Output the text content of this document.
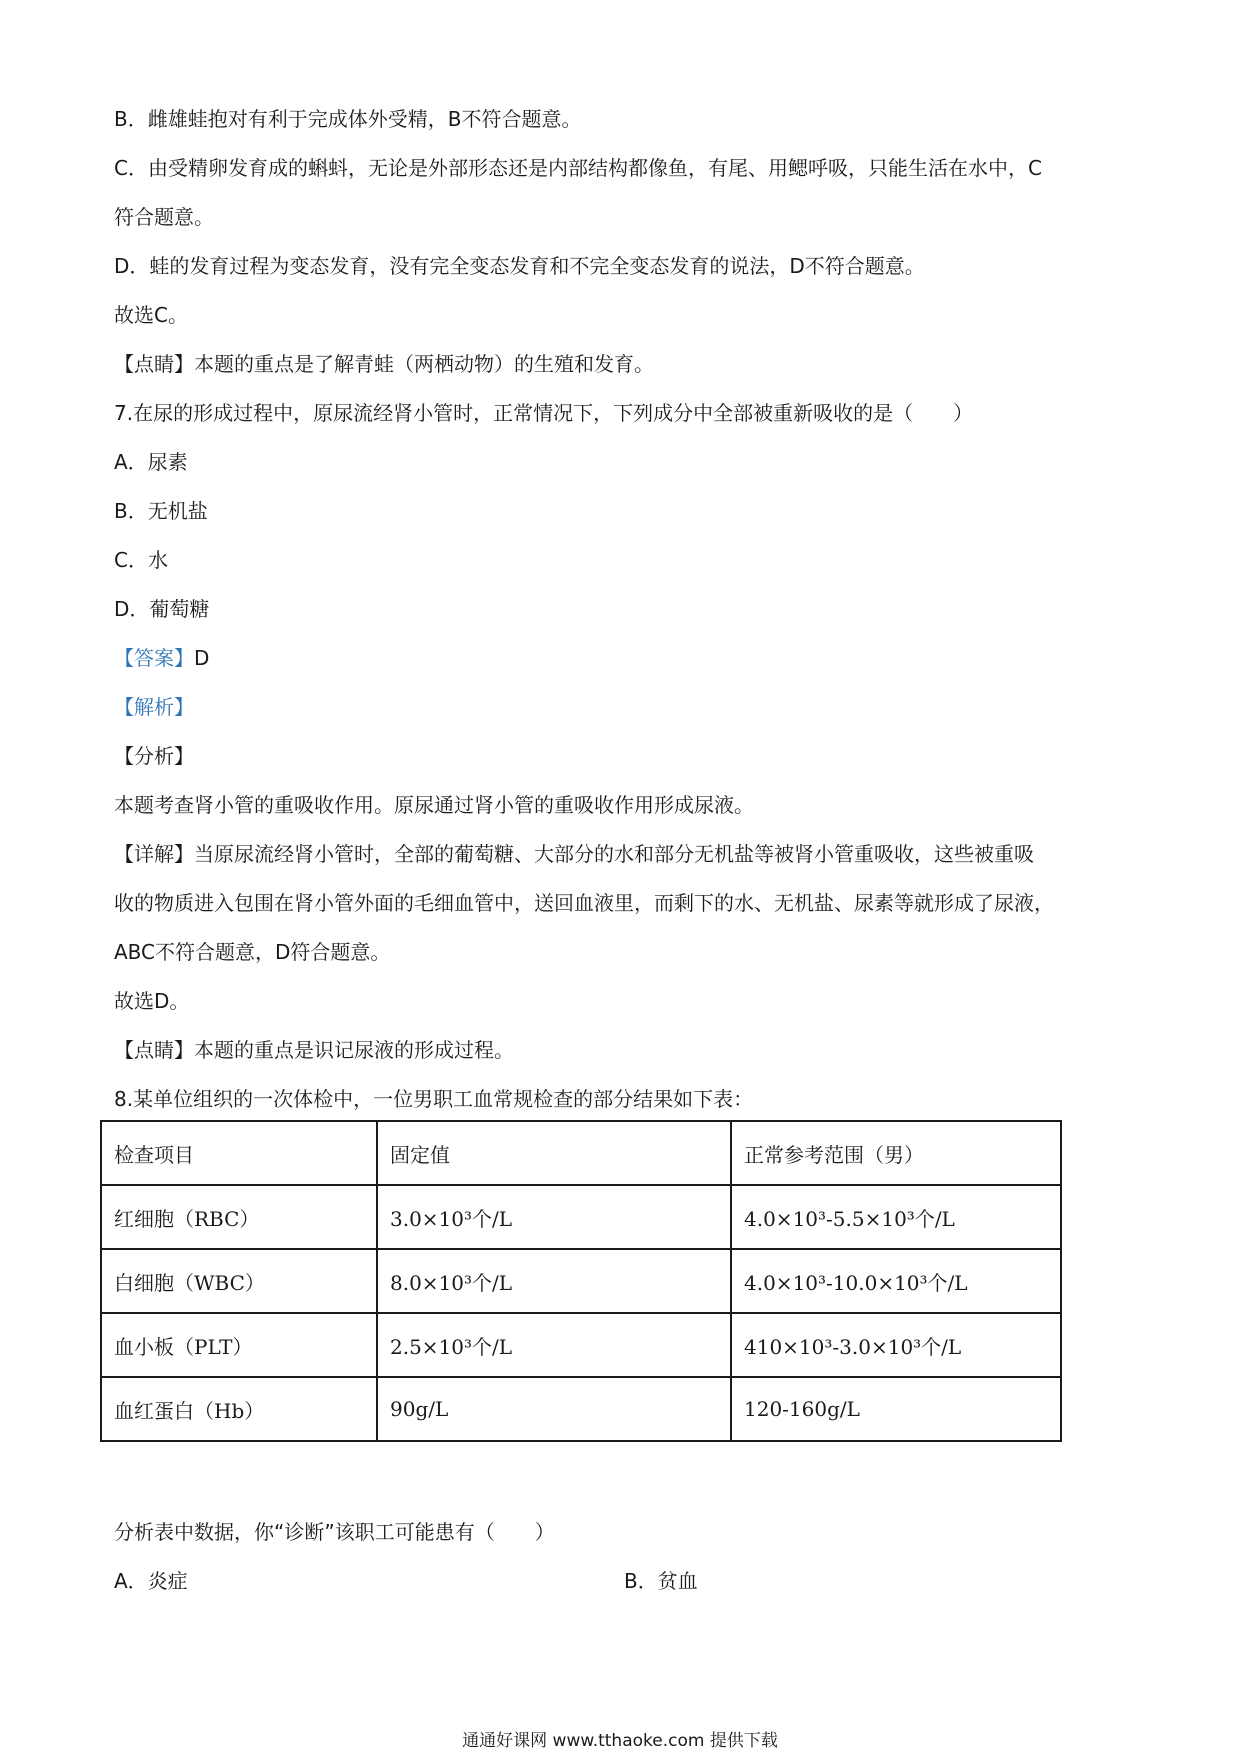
B．雌雄蛙抱对有利于完成体外受精，B不符合题意。
C．由受精卵发育成的蝌蚪，无论是外部形态还是内部结构都像鱼，有尾、用鳃呼吸，只能生活在水中，C
符合题意。
D．蛙的发育过程为变态发育，没有完全变态发育和不完全变态发育的说法，D不符合题意。
故选C。
【点睛】本题的重点是了解青蛙（两栖动物）的生殖和发育。
7.在尿的形成过程中，原尿流经肾小管时，正常情况下，下列成分中全部被重新吸收的是（　　）
A．尿素
B．无机盐
C．水
D．葡萄糖
【答案】D
【解析】
【分析】
本题考查肾小管的重吸收作用。原尿通过肾小管的重吸收作用形成尿液。
【详解】当原尿流经肾小管时，全部的葡萄糖、大部分的水和部分无机盐等被肾小管重吸收，这些被重吸
收的物质进入包围在肾小管外面的毛细血管中，送回血液里，而剩下的水、无机盐、尿素等就形成了尿液，
ABC不符合题意，D符合题意。
故选D。
【点睛】本题的重点是识记尿液的形成过程。
8.某单位组织的一次体检中，一位男职工血常规检查的部分结果如下表：
检查项目	固定值	正常参考范围（男）
红细胞（RBC）	3.0×10³个/L	4.0×10³-5.5×10³个/L
白细胞（WBC）	8.0×10³个/L	4.0×10³-10.0×10³个/L
血小板（PLT）	2.5×10³个/L	410×10³-3.0×10³个/L
血红蛋白（Hb）	90g/L	120-160g/L
分析表中数据，你“诊断”该职工可能患有（　　）
A．炎症	B．贫血
通通好课网 www.tthaoke.com 提供下载
